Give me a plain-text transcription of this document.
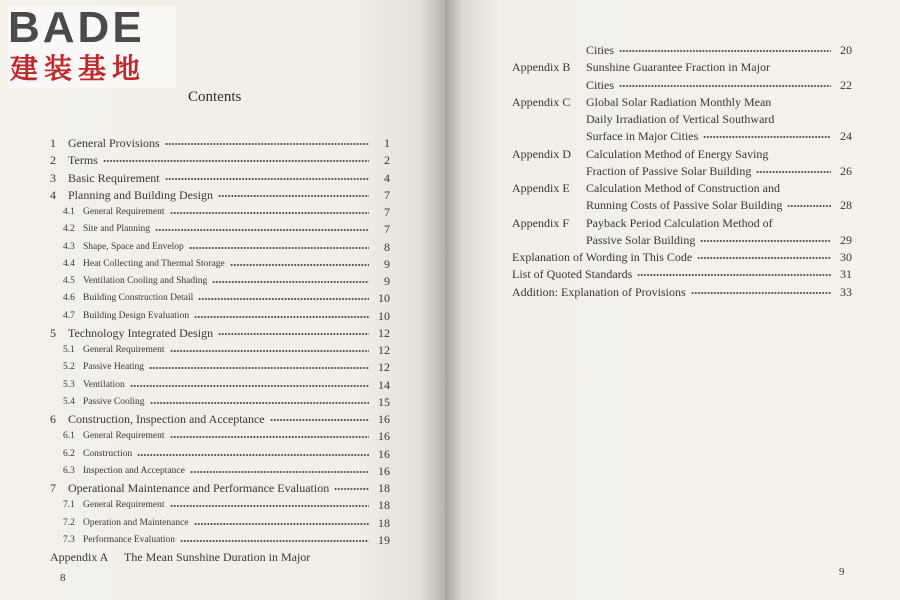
BADE
建装基地
Contents
1	General Provisions	1
2	Terms	2
3	Basic Requirement	4
4	Planning and Building Design	7
4.1 General Requirement	7
4.2 Site and Planning	7
4.3 Shape, Space and Envelop	8
4.4 Heat Collecting and Thermal Storage	9
4.5 Ventilation Cooling and Shading	9
4.6 Building Construction Detail	10
4.7 Building Design Evaluation	10
5	Technology Integrated Design	12
5.1 General Requirement	12
5.2 Passive Heating	12
5.3 Ventilation	14
5.4 Passive Cooling	15
6	Construction, Inspection and Acceptance	16
6.1 General Requirement	16
6.2 Construction	16
6.3 Inspection and Acceptance	16
7	Operational Maintenance and Performance Evaluation	18
7.1 General Requirement	18
7.2 Operation and Maintenance	18
7.3 Performance Evaluation	19
Appendix A	The Mean Sunshine Duration in Major
8
Cities	20
Appendix B	Sunshine Guarantee Fraction in Major
Cities	22
Appendix C	Global Solar Radiation Monthly Mean
Daily Irradiation of Vertical Southward
Surface in Major Cities	24
Appendix D	Calculation Method of Energy Saving
Fraction of Passive Solar Building	26
Appendix E	Calculation Method of Construction and
Running Costs of Passive Solar Building	28
Appendix F	Payback Period Calculation Method of
Passive Solar Building	29
Explanation of Wording in This Code	30
List of Quoted Standards	31
Addition: Explanation of Provisions	33
9
